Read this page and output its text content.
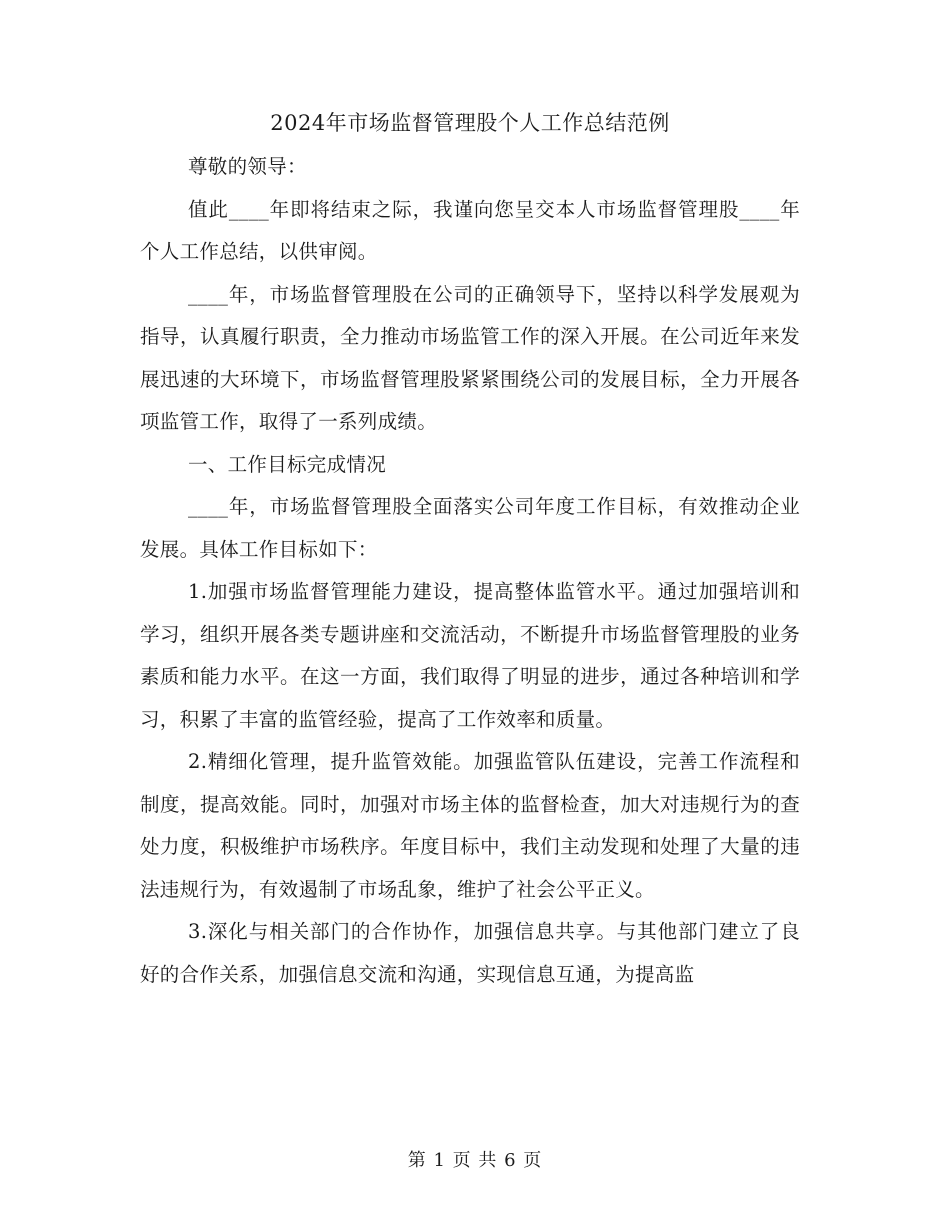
2024年市场监督管理股个人工作总结范例

尊敬的领导：

值此____年即将结束之际，我谨向您呈交本人市场监督管理股____年个人工作总结，以供审阅。

____年，市场监督管理股在公司的正确领导下，坚持以科学发展观为指导，认真履行职责，全力推动市场监管工作的深入开展。在公司近年来发展迅速的大环境下，市场监督管理股紧紧围绕公司的发展目标，全力开展各项监管工作，取得了一系列成绩。

一、工作目标完成情况

____年，市场监督管理股全面落实公司年度工作目标，有效推动企业发展。具体工作目标如下：

1.加强市场监督管理能力建设，提高整体监管水平。通过加强培训和学习，组织开展各类专题讲座和交流活动，不断提升市场监督管理股的业务素质和能力水平。在这一方面，我们取得了明显的进步，通过各种培训和学习，积累了丰富的监管经验，提高了工作效率和质量。

2.精细化管理，提升监管效能。加强监管队伍建设，完善工作流程和制度，提高效能。同时，加强对市场主体的监督检查，加大对违规行为的查处力度，积极维护市场秩序。年度目标中，我们主动发现和处理了大量的违法违规行为，有效遏制了市场乱象，维护了社会公平正义。

3.深化与相关部门的合作协作，加强信息共享。与其他部门建立了良好的合作关系，加强信息交流和沟通，实现信息互通，为提高监

第 1 页 共 6 页
